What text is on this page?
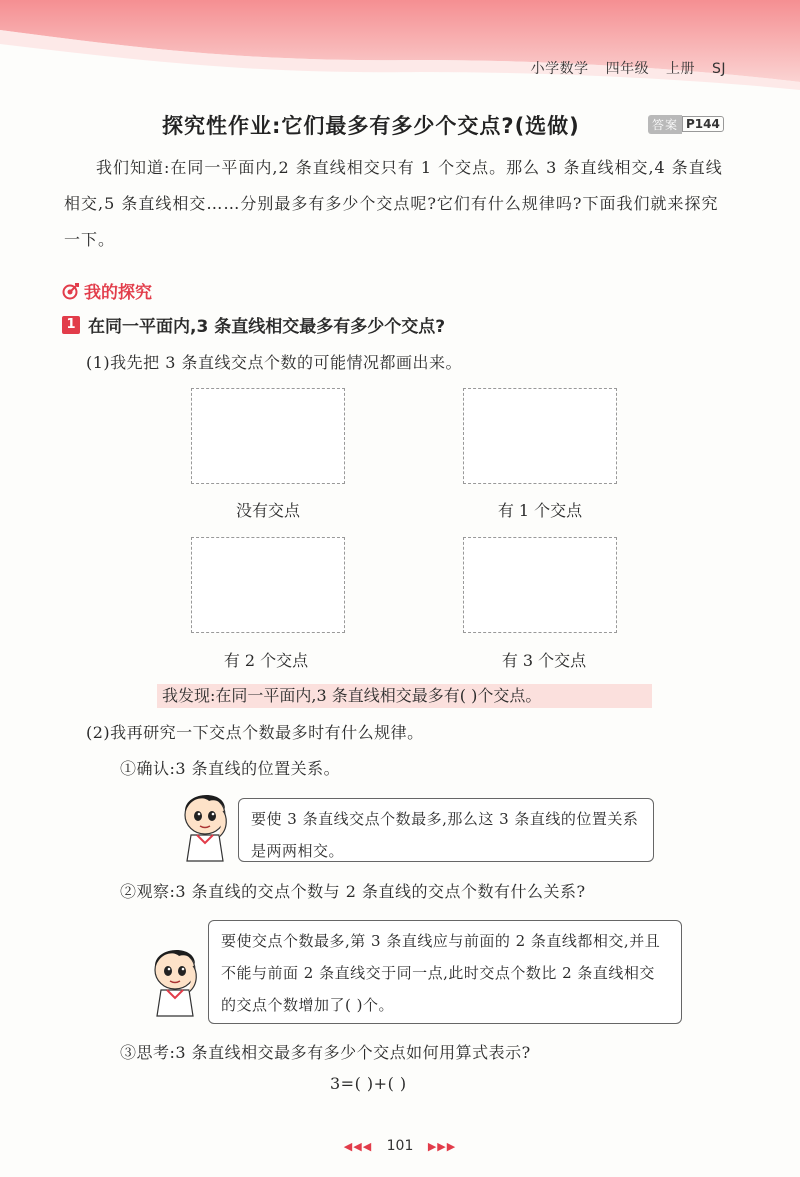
小学数学 四年级 上册 SJ
探究性作业:它们最多有多少个交点?(选做)	答案 P144

我们知道:在同一平面内,2 条直线相交只有 1 个交点。那么 3 条直线相交,4 条直线相交,5 条直线相交……分别最多有多少个交点呢?它们有什么规律吗?下面我们就来探究一下。

我的探究
1 在同一平面内,3 条直线相交最多有多少个交点?
(1)我先把 3 条直线交点个数的可能情况都画出来。
没有交点	有 1 个交点
有 2 个交点	有 3 个交点
我发现:在同一平面内,3 条直线相交最多有( )个交点。
(2)我再研究一下交点个数最多时有什么规律。
①确认:3 条直线的位置关系。
要使 3 条直线交点个数最多,那么这 3 条直线的位置关系是两两相交。
②观察:3 条直线的交点个数与 2 条直线的交点个数有什么关系?
要使交点个数最多,第 3 条直线应与前面的 2 条直线都相交,并且不能与前面 2 条直线交于同一点,此时交点个数比 2 条直线相交的交点个数增加了( )个。
③思考:3 条直线相交最多有多少个交点如何用算式表示?
3=( )+( )
◀◀◀ 101 ▶▶▶
